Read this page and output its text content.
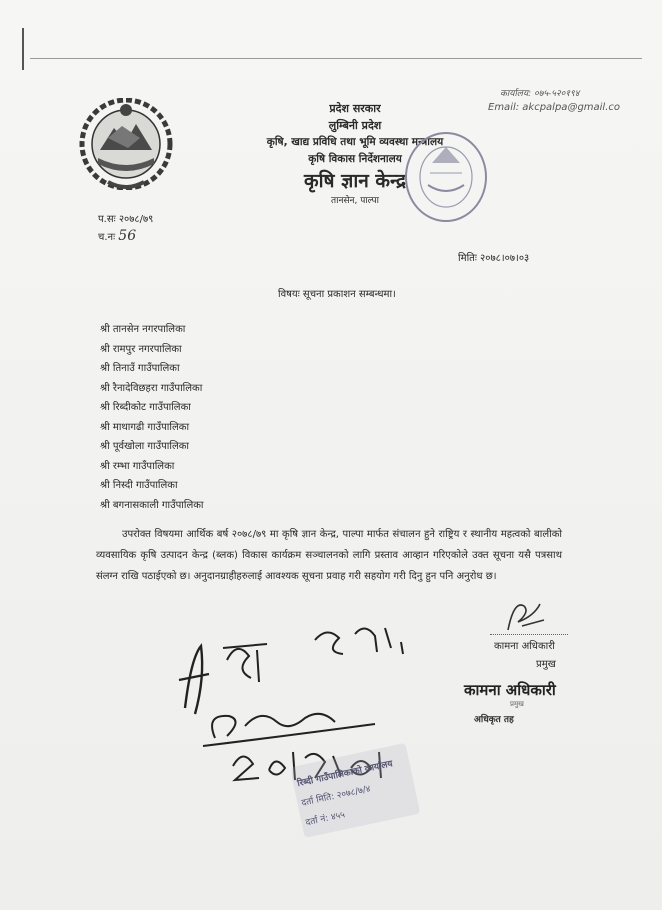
प्रदेश सरकार
लुम्बिनी प्रदेश
कृषि, खाद्य प्रविधि तथा भूमि व्यवस्था मन्त्रालय
कृषि विकास निर्देशनालय
कृषि ज्ञान केन्द्र
तानसेन, पाल्पा
कार्यालय: ०७५-५२०१९४
Email: akcpalpa@gmail.co
प.सः २०७८/७९
च.नः 56
मितिः २०७८।०७।०३
विषयः सूचना प्रकाशन सम्बन्धमा।
श्री तानसेन नगरपालिका
श्री रामपुर नगरपालिका
श्री तिनाउँ गाउँपालिका
श्री रैनादेविछहरा गाउँपालिका
श्री रिब्दीकोट गाउँपालिका
श्री माथागढी गाउँपालिका
श्री पूर्वखोला गाउँपालिका
श्री रम्भा गाउँपालिका
श्री निस्दी गाउँपालिका
श्री बगनासकाली गाउँपालिका
उपरोक्त विषयमा आर्थिक बर्ष २०७८/७९ मा कृषि ज्ञान केन्द्र, पाल्पा मार्फत संचालन हुने राष्ट्रिय र स्थानीय महत्वको बालीको व्यवसायिक कृषि उत्पादन केन्द्र (ब्लक) विकास कार्यक्रम सञ्चालनको लागि प्रस्ताव आव्हान गरिएकोले उक्त सूचना यसै पत्रसाथ संलग्न राखि पठाईएको छ। अनुदानग्राहीहरुलाई आवश्यक सूचना प्रवाह गरी सहयोग गरी दिनु हुन पनि अनुरोध छ।
कामना अधिकारी
प्रमुख
कामना अधिकारी
प्रमुख
अधिकृत तह
रिब्दी गाउँपालिकाको कार्यालय
दर्ता मिति: २०७८/७/४
दर्ता नं: ४५५
